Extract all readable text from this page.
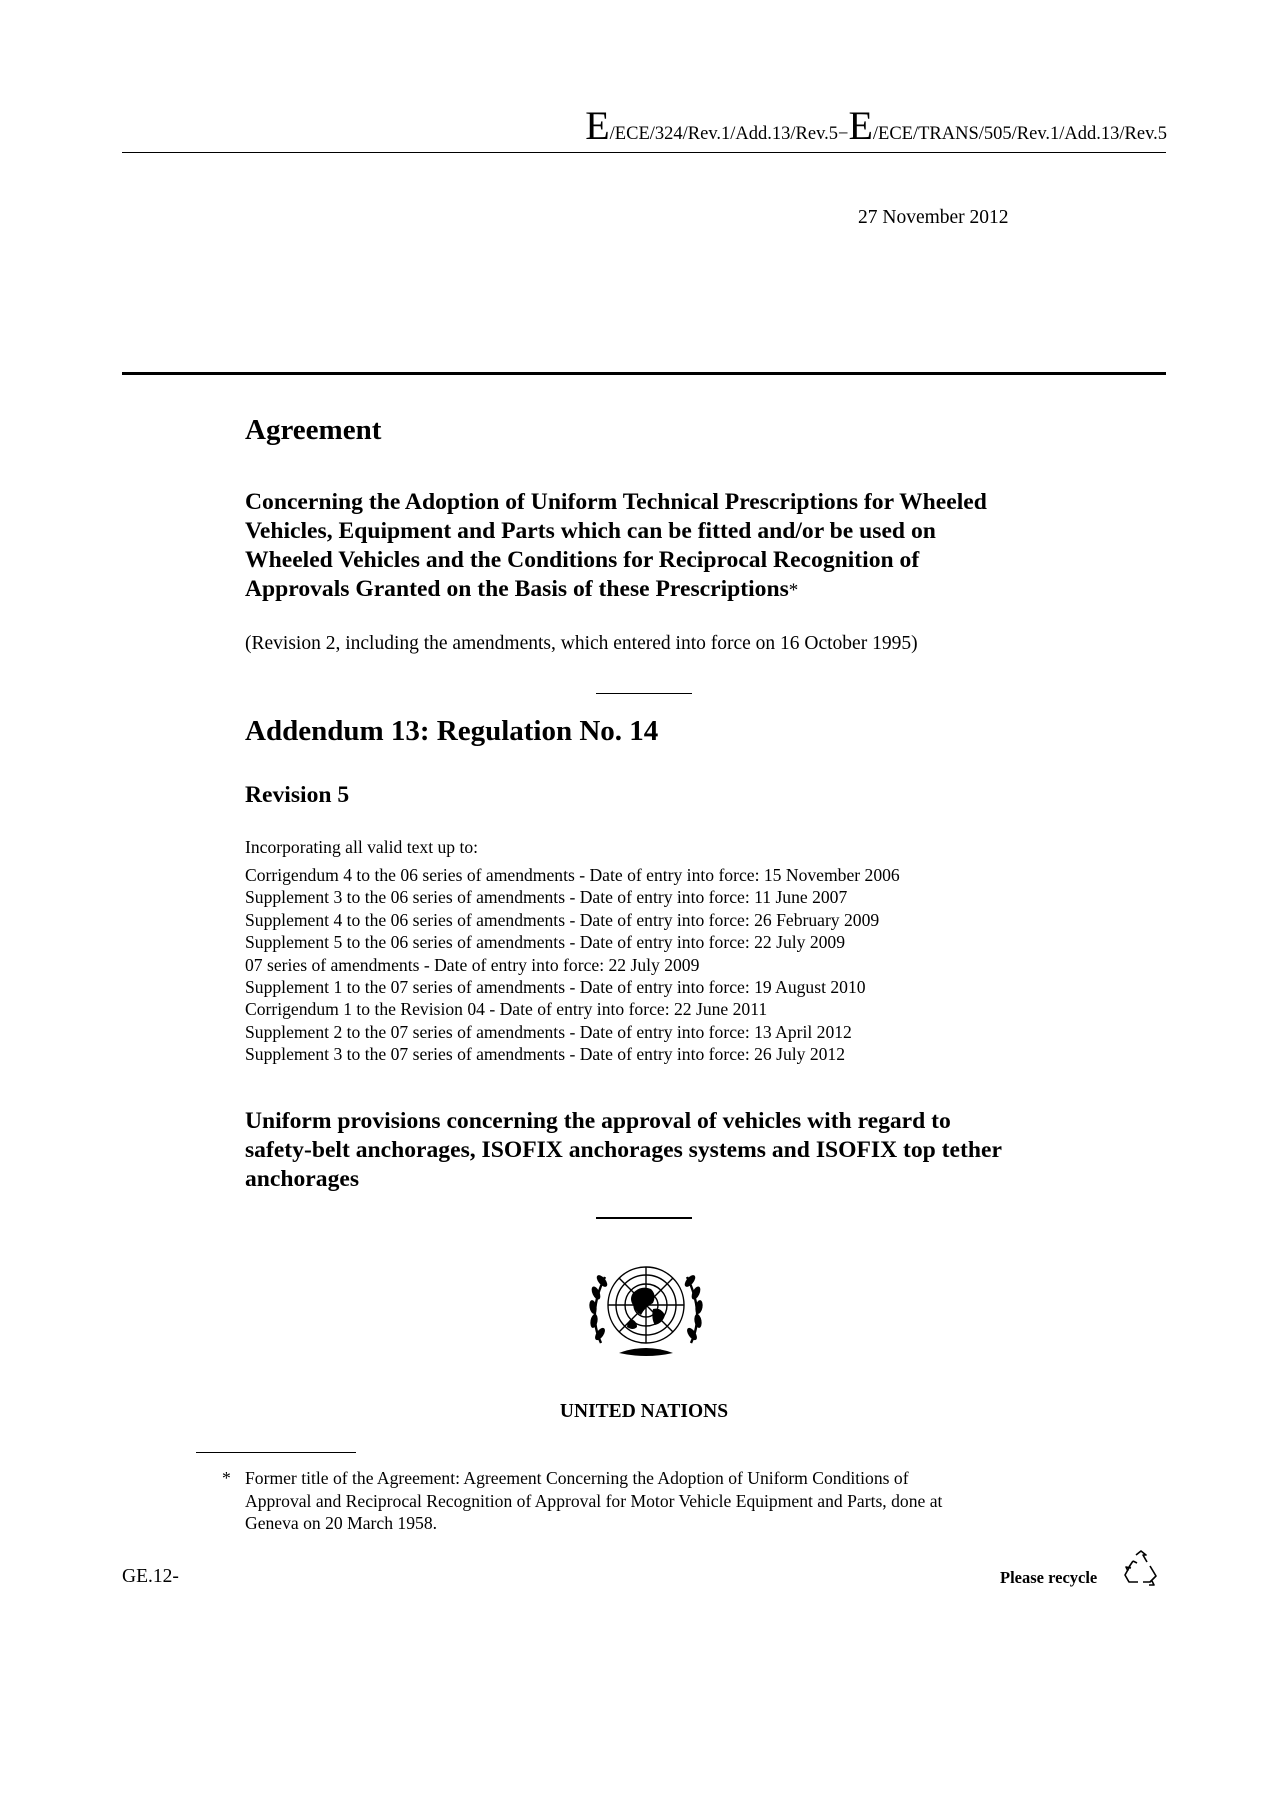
E/ECE/324/Rev.1/Add.13/Rev.5−E/ECE/TRANS/505/Rev.1/Add.13/Rev.5
27 November 2012
Agreement
Concerning the Adoption of Uniform Technical Prescriptions for Wheeled
Vehicles, Equipment and Parts which can be fitted and/or be used on
Wheeled Vehicles and the Conditions for Reciprocal Recognition of
Approvals Granted on the Basis of these Prescriptions*
(Revision 2, including the amendments, which entered into force on 16 October 1995)
Addendum 13: Regulation No. 14
Revision 5
Incorporating all valid text up to:
Corrigendum 4 to the 06 series of amendments - Date of entry into force: 15 November 2006
Supplement 3 to the 06 series of amendments - Date of entry into force: 11 June 2007
Supplement 4 to the 06 series of amendments - Date of entry into force: 26 February 2009
Supplement 5 to the 06 series of amendments - Date of entry into force: 22 July 2009
07 series of amendments - Date of entry into force: 22 July 2009
Supplement 1 to the 07 series of amendments - Date of entry into force: 19 August 2010
Corrigendum 1 to the Revision 04 - Date of entry into force: 22 June 2011
Supplement 2 to the 07 series of amendments - Date of entry into force: 13 April 2012
Supplement 3 to the 07 series of amendments - Date of entry into force: 26 July 2012
Uniform provisions concerning the approval of vehicles with regard to
safety-belt anchorages, ISOFIX anchorages systems and ISOFIX top tether
anchorages
UNITED NATIONS
* Former title of the Agreement: Agreement Concerning the Adoption of Uniform Conditions of
Approval and Reciprocal Recognition of Approval for Motor Vehicle Equipment and Parts, done at
Geneva on 20 March 1958.
GE.12-	Please recycle
